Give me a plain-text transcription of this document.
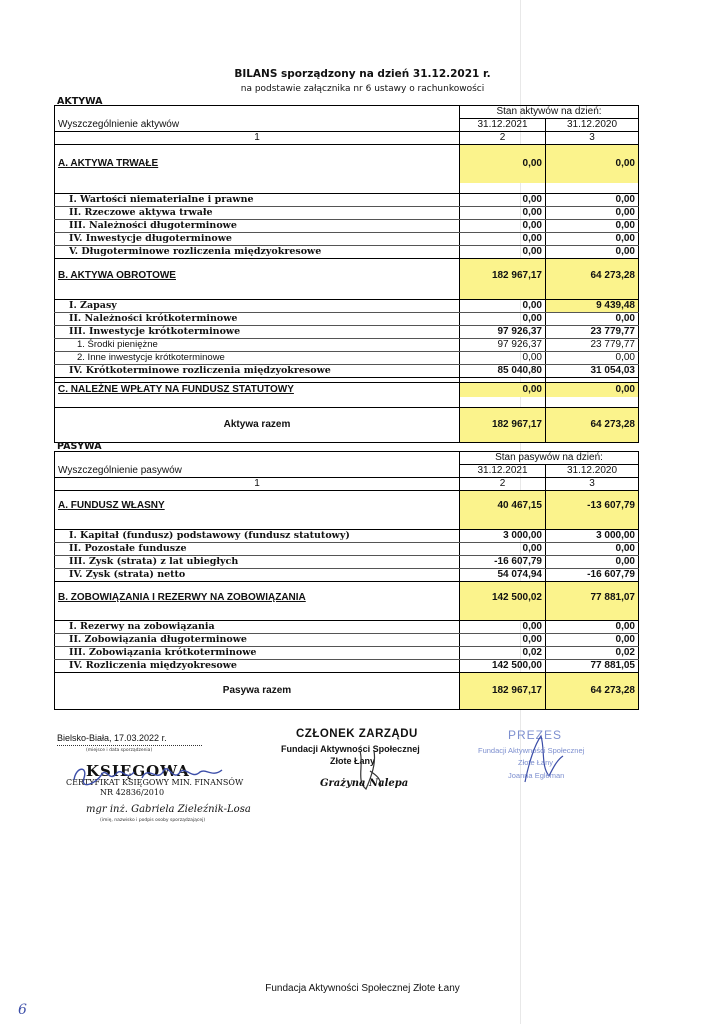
BILANS sporządzony na dzień 31.12.2021 r.
na podstawie załącznika nr 6 ustawy o rachunkowości
AKTYWA
	Stan aktywów na dzień:	
Wyszczególnienie aktywów	31.12.2021	31.12.2020
1	2	3
A. AKTYWA TRWAŁE	0,00	0,00

I. Wartości niematerialne i prawne	0,00	0,00
II. Rzeczowe aktywa trwałe	0,00	0,00
III. Należności długoterminowe	0,00	0,00
IV. Inwestycje długoterminowe	0,00	0,00
V. Długoterminowe rozliczenia międzyokresowe	0,00	0,00
B. AKTYWA OBROTOWE	182 967,17	64 273,28

I. Zapasy	0,00	9 439,48
II. Należności krótkoterminowe	0,00	0,00
III. Inwestycje krótkoterminowe	97 926,37	23 779,77
1. Środki pieniężne	97 926,37	23 779,77
2. Inne inwestycje krótkoterminowe	0,00	0,00
IV. Krótkoterminowe rozliczenia międzyokresowe	85 040,80	31 054,03

C. NALEŻNE WPŁATY NA FUNDUSZ STATUTOWY	0,00	0,00

Aktywa razem	182 967,17	64 273,28
PASYWA
	Stan pasywów na dzień:	
Wyszczególnienie pasywów	31.12.2021	31.12.2020
1	2	3
A. FUNDUSZ WŁASNY	40 467,15	-13 607,79

I. Kapitał (fundusz) podstawowy (fundusz statutowy)	3 000,00	3 000,00
II. Pozostałe fundusze	0,00	0,00
III. Zysk (strata) z lat ubiegłych	-16 607,79	0,00
IV. Zysk (strata) netto	54 074,94	-16 607,79
B. ZOBOWIĄZANIA I REZERWY NA ZOBOWIĄZANIA	142 500,02	77 881,07

I. Rezerwy na zobowiązania	0,00	0,00
II. Zobowiązania długoterminowe	0,00	0,00
III. Zobowiązania krótkoterminowe	0,02	0,02
IV. Rozliczenia międzyokresowe	142 500,00	77 881,05
Pasywa razem	182 967,17	64 273,28
Bielsko-Biała, 17.03.2022 r.
(miejsce i data sporządzenia)
KSIĘGOWA
CERTYFIKAT KSIĘGOWY MIN. FINANSÓW
NR 42836/2010
mgr inż. Gabriela Zieleźnik-Losa
(imię, nazwisko i podpis osoby sporządzającej)
CZŁONEK ZARZĄDU
Fundacji Aktywności Społecznej
Złote Łany
Grażyna Nalepa
PREZES
Fundacji Aktywności Społecznej
Złote Łany
Joanna Egleman
Fundacja Aktywności Społecznej Złote Łany
6
